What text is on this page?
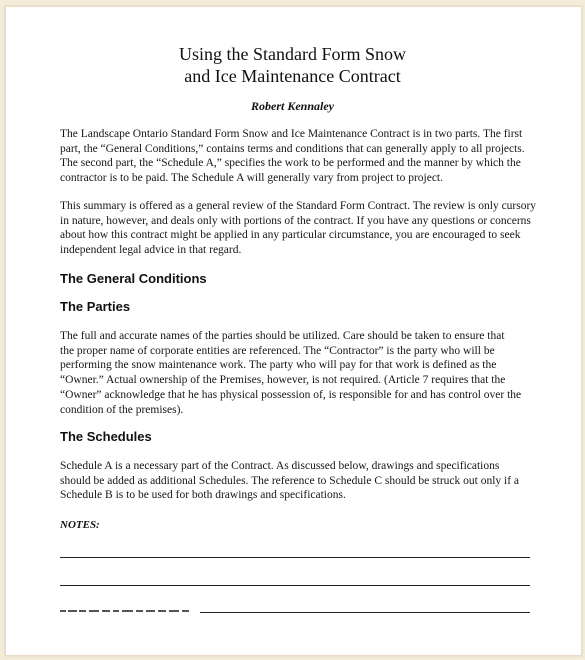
Using the Standard Form Snow
and Ice Maintenance Contract
Robert Kennaley
The Landscape Ontario Standard Form Snow and Ice Maintenance Contract is in two parts. The first
part, the “General Conditions,” contains terms and conditions that can generally apply to all projects.
The second part, the “Schedule A,” specifies the work to be performed and the manner by which the
contractor is to be paid. The Schedule A will generally vary from project to project.
This summary is offered as a general review of the Standard Form Contract. The review is only cursory
in nature, however, and deals only with portions of the contract. If you have any questions or concerns
about how this contract might be applied in any particular circumstance, you are encouraged to seek
independent legal advice in that regard.
The General Conditions
The Parties
The full and accurate names of the parties should be utilized. Care should be taken to ensure that
the proper name of corporate entities are referenced. The “Contractor” is the party who will be
performing the snow maintenance work. The party who will pay for that work is defined as the
“Owner.” Actual ownership of the Premises, however, is not required. (Article 7 requires that the
“Owner” acknowledge that he has physical possession of, is responsible for and has control over the
condition of the premises).
The Schedules
Schedule A is a necessary part of the Contract. As discussed below, drawings and specifications
should be added as additional Schedules. The reference to Schedule C should be struck out only if a
Schedule B is to be used for both drawings and specifications.
NOTES:
